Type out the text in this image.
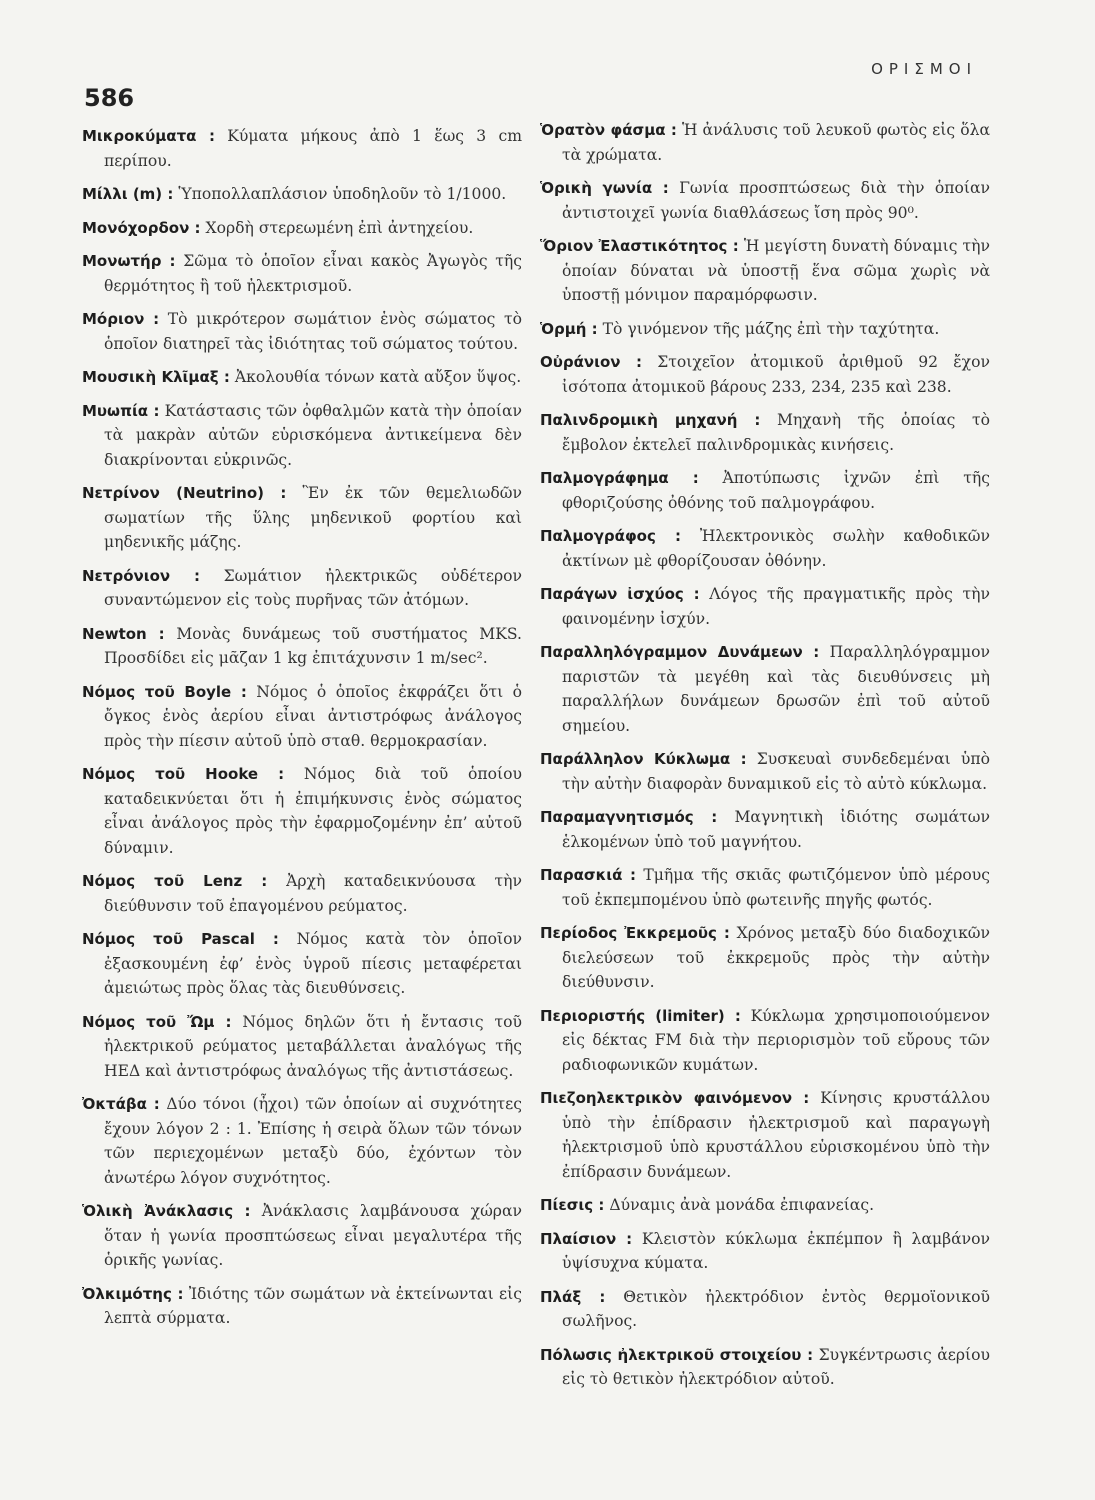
586
ΟΡΙΣΜΟΙ
Μικροκύματα : Κύματα μήκους ἀπὸ 1 ἕως 3 cm περίπου.
Μίλλι (m) : Ὑποπολλαπλάσιον ὑποδηλοῦν τὸ 1/1000.
Μονόχορδον : Χορδὴ στερεωμένη ἐπὶ ἀντηχείου.
Μονωτήρ : Σῶμα τὸ ὁποῖον εἶναι κακὸς Ἀγωγὸς τῆς θερμότητος ἢ τοῦ ἠλεκτρισμοῦ.
Μόριον : Τὸ μικρότερον σωμάτιον ἑνὸς σώματος τὸ ὁποῖον διατηρεῖ τὰς ἰδιότητας τοῦ σώματος τούτου.
Μουσικὴ Κλῖμαξ : Ἀκολουθία τόνων κατὰ αὔξον ὕψος.
Μυωπία : Κατάστασις τῶν ὀφθαλμῶν κατὰ τὴν ὁποίαν τὰ μακρὰν αὐτῶν εὑρισκόμενα ἀντικείμενα δὲν διακρίνονται εὐκρινῶς.
Νετρίνον (Neutrino) : Ἓν ἐκ τῶν θεμελιωδῶν σωματίων τῆς ὕλης μηδενικοῦ φορτίου καὶ μηδενικῆς μάζης.
Νετρόνιον : Σωμάτιον ἠλεκτρικῶς οὐδέτερον συναντώμενον εἰς τοὺς πυρῆνας τῶν ἀτόμων.
Newton : Μονὰς δυνάμεως τοῦ συστήματος MKS. Προσδίδει εἰς μᾶζαν 1 kg ἐπιτάχυνσιν 1 m/sec².
Νόμος τοῦ Boyle : Νόμος ὁ ὁποῖος ἐκφράζει ὅτι ὁ ὄγκος ἑνὸς ἀερίου εἶναι ἀντιστρόφως ἀνάλογος πρὸς τὴν πίεσιν αὐτοῦ ὑπὸ σταθ. θερμοκρασίαν.
Νόμος τοῦ Hooke : Νόμος διὰ τοῦ ὁποίου καταδεικνύεται ὅτι ἡ ἐπιμήκυνσις ἑνὸς σώματος εἶναι ἀνάλογος πρὸς τὴν ἐφαρμοζομένην ἐπ’ αὐτοῦ δύναμιν.
Νόμος τοῦ Lenz : Ἀρχὴ καταδεικνύουσα τὴν διεύθυνσιν τοῦ ἐπαγομένου ρεύματος.
Νόμος τοῦ Pascal : Νόμος κατὰ τὸν ὁποῖον ἐξασκουμένη ἐφ’ ἑνὸς ὑγροῦ πίεσις μεταφέρεται ἀμειώτως πρὸς ὅλας τὰς διευθύνσεις.
Νόμος τοῦ Ὤμ : Νόμος δηλῶν ὅτι ἡ ἔντασις τοῦ ἠλεκτρικοῦ ρεύματος μεταβάλλεται ἀναλόγως τῆς ΗΕΔ καὶ ἀντιστρόφως ἀναλόγως τῆς ἀντιστάσεως.
Ὀκτάβα : Δύο τόνοι (ἦχοι) τῶν ὁποίων αἱ συχνότητες ἔχουν λόγον 2 : 1. Ἐπίσης ἡ σειρὰ ὅλων τῶν τόνων τῶν περιεχομένων μεταξὺ δύο, ἐχόντων τὸν ἀνωτέρω λόγον συχνότητος.
Ὁλικὴ Ἀνάκλασις : Ἀνάκλασις λαμβάνουσα χώραν ὅταν ἡ γωνία προσπτώσεως εἶναι μεγαλυτέρα τῆς ὁρικῆς γωνίας.
Ὀλκιμότης : Ἰδιότης τῶν σωμάτων νὰ ἐκτείνωνται εἰς λεπτὰ σύρματα.
Ὁρατὸν φάσμα : Ἡ ἀνάλυσις τοῦ λευκοῦ φωτὸς εἰς ὅλα τὰ χρώματα.
Ὁρικὴ γωνία : Γωνία προσπτώσεως διὰ τὴν ὁποίαν ἀντιστοιχεῖ γωνία διαθλάσεως ἴση πρὸς 90⁰.
Ὅριον Ἐλαστικότητος : Ἡ μεγίστη δυνατὴ δύναμις τὴν ὁποίαν δύναται νὰ ὑποστῇ ἕνα σῶμα χωρὶς νὰ ὑποστῇ μόνιμον παραμόρφωσιν.
Ὁρμή : Τὸ γινόμενον τῆς μάζης ἐπὶ τὴν ταχύτητα.
Οὐράνιον : Στοιχεῖον ἀτομικοῦ ἀριθμοῦ 92 ἔχον ἰσότοπα ἀτομικοῦ βάρους 233, 234, 235 καὶ 238.
Παλινδρομικὴ μηχανή : Μηχανὴ τῆς ὁποίας τὸ ἔμβολον ἐκτελεῖ παλινδρομικὰς κινήσεις.
Παλμογράφημα : Ἀποτύπωσις ἰχνῶν ἐπὶ τῆς φθοριζούσης ὀθόνης τοῦ παλμογράφου.
Παλμογράφος : Ἠλεκτρονικὸς σωλὴν καθοδικῶν ἀκτίνων μὲ φθορίζουσαν ὀθόνην.
Παράγων ἰσχύος : Λόγος τῆς πραγματικῆς πρὸς τὴν φαινομένην ἰσχύν.
Παραλληλόγραμμον Δυνάμεων : Παραλληλόγραμμον παριστῶν τὰ μεγέθη καὶ τὰς διευθύνσεις μὴ παραλλήλων δυνάμεων δρωσῶν ἐπὶ τοῦ αὐτοῦ σημείου.
Παράλληλον Κύκλωμα : Συσκευαὶ συνδεδεμέναι ὑπὸ τὴν αὐτὴν διαφορὰν δυναμικοῦ εἰς τὸ αὐτὸ κύκλωμα.
Παραμαγνητισμός : Μαγνητικὴ ἰδιότης σωμάτων ἑλκομένων ὑπὸ τοῦ μαγνήτου.
Παρασκιά : Τμῆμα τῆς σκιᾶς φωτιζόμενον ὑπὸ μέρους τοῦ ἐκπεμπομένου ὑπὸ φωτεινῆς πηγῆς φωτός.
Περίοδος Ἐκκρεμοῦς : Χρόνος μεταξὺ δύο διαδοχικῶν διελεύσεων τοῦ ἐκκρεμοῦς πρὸς τὴν αὐτὴν διεύθυνσιν.
Περιοριστής (limiter) : Κύκλωμα χρησιμοποιούμενον εἰς δέκτας FM διὰ τὴν περιορισμὸν τοῦ εὔρους τῶν ραδιοφωνικῶν κυμάτων.
Πιεζοηλεκτρικὸν φαινόμενον : Κίνησις κρυστάλλου ὑπὸ τὴν ἐπίδρασιν ἠλεκτρισμοῦ καὶ παραγωγὴ ἠλεκτρισμοῦ ὑπὸ κρυστάλλου εὑρισκομένου ὑπὸ τὴν ἐπίδρασιν δυνάμεων.
Πίεσις : Δύναμις ἀνὰ μονάδα ἐπιφανείας.
Πλαίσιον : Κλειστὸν κύκλωμα ἐκπέμπον ἢ λαμβάνον ὑψίσυχνα κύματα.
Πλάξ : Θετικὸν ἠλεκτρόδιον ἐντὸς θερμοϊονικοῦ σωλῆνος.
Πόλωσις ἠλεκτρικοῦ στοιχείου : Συγκέντρωσις ἀερίου εἰς τὸ θετικὸν ἠλεκτρόδιον αὐτοῦ.
